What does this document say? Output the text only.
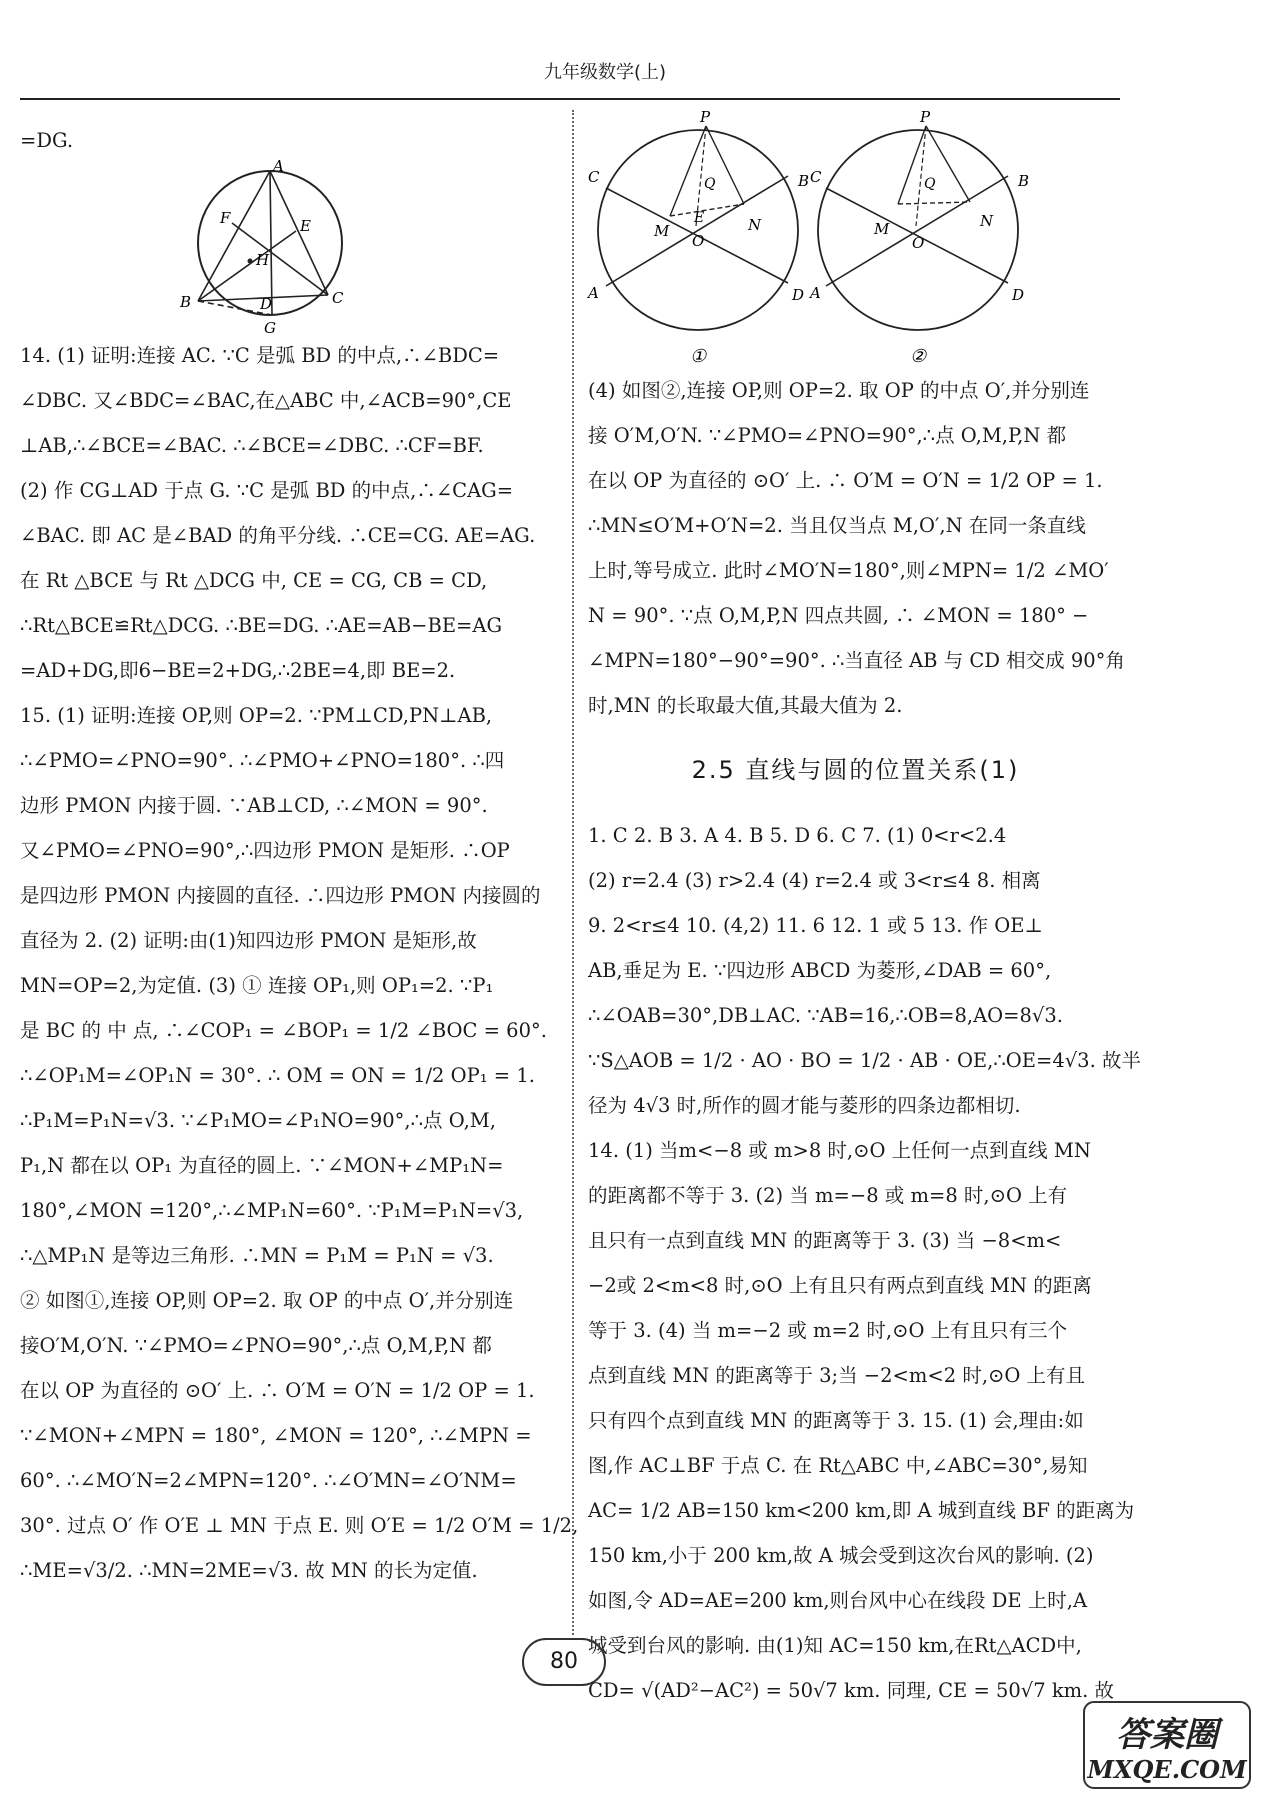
九年级数学(上)

=DG.

A
B	C
D
E
F
G
H

14. (1) 证明:连接 AC. ∵C 是弧 BD 的中点,∴∠BDC=

∠DBC. 又∠BDC=∠BAC,在△ABC 中,∠ACB=90°,CE

⊥AB,∴∠BCE=∠BAC. ∴∠BCE=∠DBC. ∴CF=BF.

(2) 作 CG⊥AD 于点 G. ∵C 是弧 BD 的中点,∴∠CAG=

∠BAC. 即 AC 是∠BAD 的角平分线. ∴CE=CG. AE=AG.

在 Rt △BCE 与 Rt △DCG 中, CE = CG, CB = CD,

∴Rt△BCE≌Rt△DCG. ∴BE=DG. ∴AE=AB−BE=AG

=AD+DG,即6−BE=2+DG,∴2BE=4,即 BE=2.

15. (1) 证明:连接 OP,则 OP=2. ∵PM⊥CD,PN⊥AB,

∴∠PMO=∠PNO=90°. ∴∠PMO+∠PNO=180°. ∴四

边形 PMON 内接于圆. ∵AB⊥CD, ∴∠MON = 90°.

又∠PMO=∠PNO=90°,∴四边形 PMON 是矩形. ∴OP

是四边形 PMON 内接圆的直径. ∴四边形 PMON 内接圆的

直径为 2. (2) 证明:由(1)知四边形 PMON 是矩形,故

MN=OP=2,为定值. (3) ① 连接 OP₁,则 OP₁=2. ∵P₁

是 BC 的 中 点, ∴∠COP₁ = ∠BOP₁ = 1/2 ∠BOC = 60°.

∴∠OP₁M=∠OP₁N = 30°. ∴ OM = ON = 1/2 OP₁ = 1.

∴P₁M=P₁N=√3. ∵∠P₁MO=∠P₁NO=90°,∴点 O,M,

P₁,N 都在以 OP₁ 为直径的圆上. ∵∠MON+∠MP₁N=

180°,∠MON =120°,∴∠MP₁N=60°. ∵P₁M=P₁N=√3,

∴△MP₁N 是等边三角形. ∴MN = P₁M = P₁N = √3.

② 如图①,连接 OP,则 OP=2. 取 OP 的中点 O′,并分别连

接O′M,O′N. ∵∠PMO=∠PNO=90°,∴点 O,M,P,N 都

在以 OP 为直径的 ⊙O′ 上. ∴ O′M = O′N = 1/2 OP = 1.

∵∠MON+∠MPN = 180°, ∠MON = 120°, ∴∠MPN =

60°. ∴∠MO′N=2∠MPN=120°. ∴∠O′MN=∠O′NM=

30°. 过点 O′ 作 O′E ⊥ MN 于点 E. 则 O′E = 1/2 O′M = 1/2,

∴ME=√3/2. ∴MN=2ME=√3. 故 MN 的长为定值.

P
B
C
A	D
M	N
O
E
Q
①
P
B
C
A	D
M	N
O
Q
②

(4) 如图②,连接 OP,则 OP=2. 取 OP 的中点 O′,并分别连

接 O′M,O′N. ∵∠PMO=∠PNO=90°,∴点 O,M,P,N 都

在以 OP 为直径的 ⊙O′ 上. ∴ O′M = O′N = 1/2 OP = 1.

∴MN≤O′M+O′N=2. 当且仅当点 M,O′,N 在同一条直线

上时,等号成立. 此时∠MO′N=180°,则∠MPN= 1/2 ∠MO′

N = 90°. ∵点 O,M,P,N 四点共圆, ∴ ∠MON = 180° −

∠MPN=180°−90°=90°. ∴当直径 AB 与 CD 相交成 90°角

时,MN 的长取最大值,其最大值为 2.

2.5 直线与圆的位置关系(1)

1. C 2. B 3. A 4. B 5. D 6. C 7. (1) 0<r<2.4

(2) r=2.4 (3) r>2.4 (4) r=2.4 或 3<r≤4 8. 相离

9. 2<r≤4 10. (4,2) 11. 6 12. 1 或 5 13. 作 OE⊥

AB,垂足为 E. ∵四边形 ABCD 为菱形,∠DAB = 60°,

∴∠OAB=30°,DB⊥AC. ∵AB=16,∴OB=8,AO=8√3.

∵S△AOB = 1/2 · AO · BO = 1/2 · AB · OE,∴OE=4√3. 故半

径为 4√3 时,所作的圆才能与菱形的四条边都相切.

14. (1) 当m<−8 或 m>8 时,⊙O 上任何一点到直线 MN

的距离都不等于 3. (2) 当 m=−8 或 m=8 时,⊙O 上有

且只有一点到直线 MN 的距离等于 3. (3) 当 −8<m<

−2或 2<m<8 时,⊙O 上有且只有两点到直线 MN 的距离

等于 3. (4) 当 m=−2 或 m=2 时,⊙O 上有且只有三个

点到直线 MN 的距离等于 3;当 −2<m<2 时,⊙O 上有且

只有四个点到直线 MN 的距离等于 3. 15. (1) 会,理由:如

图,作 AC⊥BF 于点 C. 在 Rt△ABC 中,∠ABC=30°,易知

AC= 1/2 AB=150 km<200 km,即 A 城到直线 BF 的距离为

150 km,小于 200 km,故 A 城会受到这次台风的影响. (2)

如图,令 AD=AE=200 km,则台风中心在线段 DE 上时,A

城受到台风的影响. 由(1)知 AC=150 km,在Rt△ACD中,

CD= √(AD²−AC²) = 50√7 km. 同理, CE = 50√7 km. 故

80
答案圈
MXQE.COM
